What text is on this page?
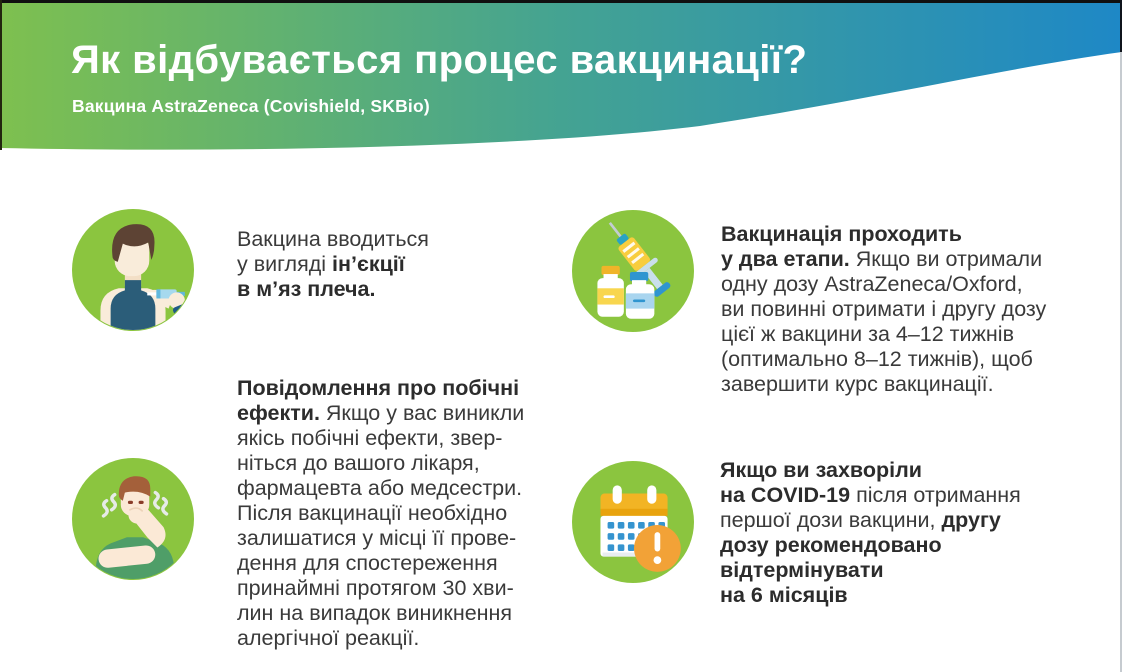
Як відбувається процес вакцинації?
Вакцина AstraZeneca (Covishield, SKBio)
Вакцина вводиться
у вигляді ін’єкції
в м’яз плеча.
Вакцинація проходить
у два етапи. Якщо ви отримали
одну дозу AstraZeneca/Oxford,
ви повинні отримати і другу дозу
цієї ж вакцини за 4–12 тижнів
(оптимально 8–12 тижнів), щоб
завершити курс вакцинації.
Повідомлення про побічні
ефекти. Якщо у вас виникли
якісь побічні ефекти, звер-
ніться до вашого лікаря,
фармацевта або медсестри.
Після вакцинації необхідно
залишатися у місці її прове-
дення для спостереження
принаймні протягом 30 хви-
лин на випадок виникнення
алергічної реакції.
Якщо ви захворіли
на COVID-19 після отримання
першої дози вакцини, другу
дозу рекомендовано
відтермінувати
на 6 місяців
